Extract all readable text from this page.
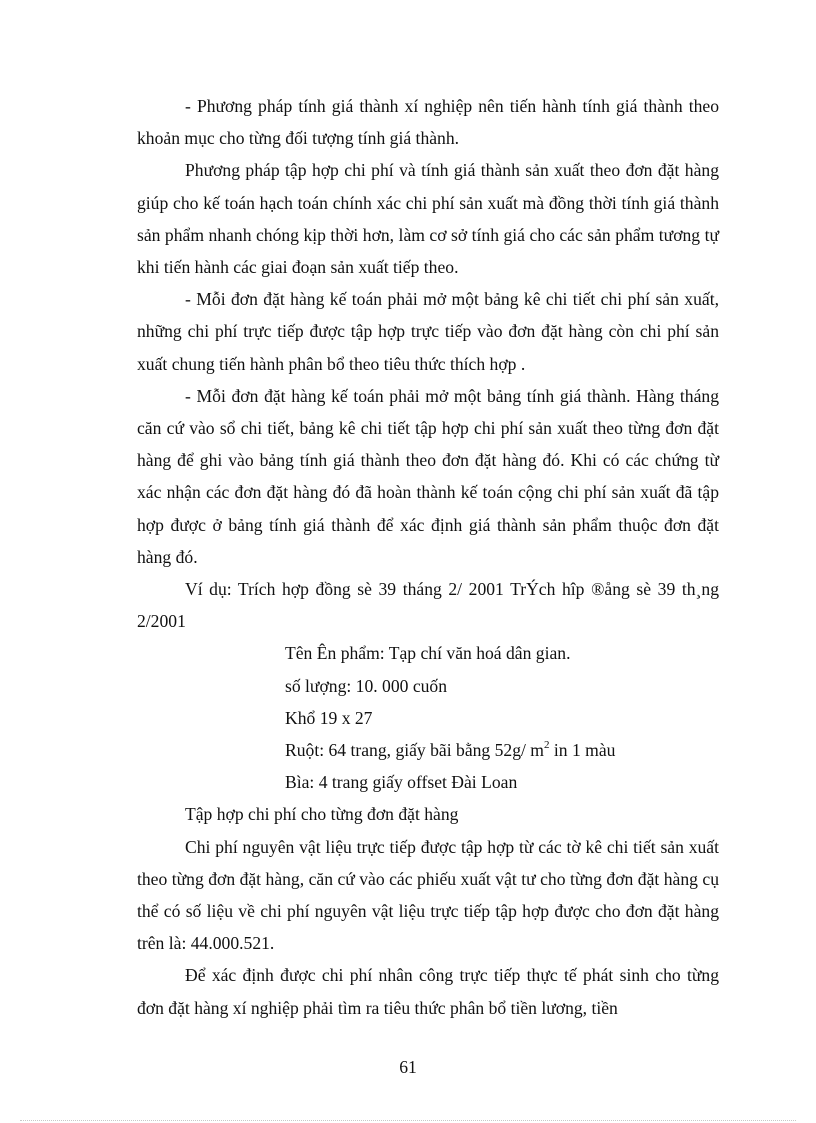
- Phương pháp tính giá thành xí nghiệp nên tiến hành tính giá thành theo khoản mục cho từng đối tượng tính giá thành.

Phương pháp tập hợp chi phí và tính giá thành sản xuất theo đơn đặt hàng giúp cho kế toán hạch toán chính xác chi phí sản xuất mà đồng thời tính giá thành sản phẩm nhanh chóng kịp thời hơn, làm cơ sở tính giá cho các sản phẩm tương tự khi tiến hành các giai đoạn sản xuất tiếp theo.

- Mỗi đơn đặt hàng kế toán phải mở một bảng kê chi tiết chi phí sản xuất, những chi phí trực tiếp được tập hợp trực tiếp vào đơn đặt hàng còn chi phí sản xuất chung tiến hành phân bổ theo tiêu thức thích hợp .

- Mỗi đơn đặt hàng kế toán phải mở một bảng tính giá thành. Hàng tháng căn cứ vào sổ chi tiết, bảng kê chi tiết tập hợp chi phí sản xuất theo từng đơn đặt hàng để ghi vào bảng tính giá thành theo đơn đặt hàng đó. Khi có các chứng từ xác nhận các đơn đặt hàng đó đã hoàn thành kế toán cộng chi phí sản xuất đã tập hợp được ở bảng tính giá thành để xác định giá thành sản phẩm thuộc đơn đặt hàng đó.

Ví dụ: Trích hợp đồng sè 39 tháng 2/ 2001 TrÝch hîp ®ång sè 39 th¸ng 2/2001

Tên Ên phẩm: Tạp chí văn hoá dân gian.

số lượng: 10. 000 cuốn

Khổ 19 x 27

Ruột: 64 trang, giấy bãi bằng 52g/ $m^2$ in 1 màu

Bìa: 4 trang giấy offset Đài Loan

Tập hợp chi phí cho từng đơn đặt hàng

Chi phí nguyên vật liệu trực tiếp được tập hợp từ các tờ kê chi tiết sản xuất theo từng đơn đặt hàng, căn cứ vào các phiếu xuất vật tư cho từng đơn đặt hàng cụ thể có số liệu về chi phí nguyên vật liệu trực tiếp tập hợp được cho đơn đặt hàng trên là: 44.000.521.

Để xác định được chi phí nhân công trực tiếp thực tế phát sinh cho từng đơn đặt hàng xí nghiệp phải tìm ra tiêu thức phân bổ tiền lương, tiền

61
